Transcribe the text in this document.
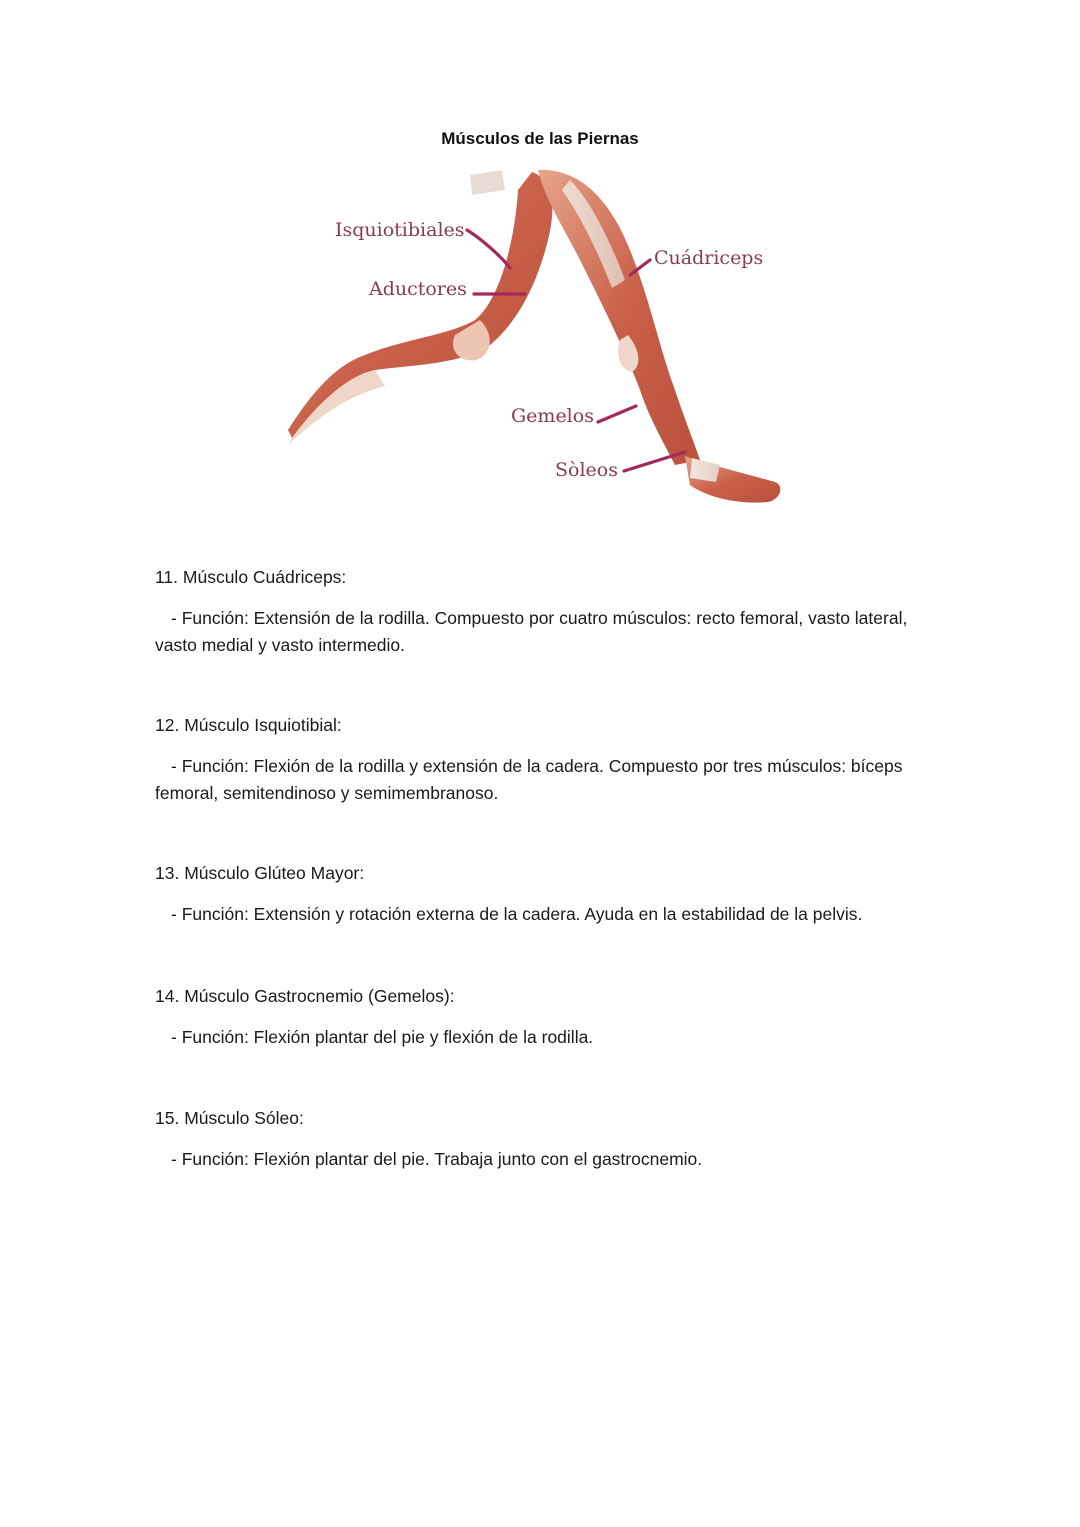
Músculos de las Piernas
Isquiotibiales
Aductores
Cuádriceps
Gemelos
Sòleos

11. Músculo Cuádriceps:

- Función: Extensión de la rodilla. Compuesto por cuatro músculos: recto femoral, vasto lateral, vasto medial y vasto intermedio.

12. Músculo Isquiotibial:

- Función: Flexión de la rodilla y extensión de la cadera. Compuesto por tres músculos: bíceps femoral, semitendinoso y semimembranoso.

13. Músculo Glúteo Mayor:

- Función: Extensión y rotación externa de la cadera. Ayuda en la estabilidad de la pelvis.

14. Músculo Gastrocnemio (Gemelos):

- Función: Flexión plantar del pie y flexión de la rodilla.

15. Músculo Sóleo:

- Función: Flexión plantar del pie. Trabaja junto con el gastrocnemio.
